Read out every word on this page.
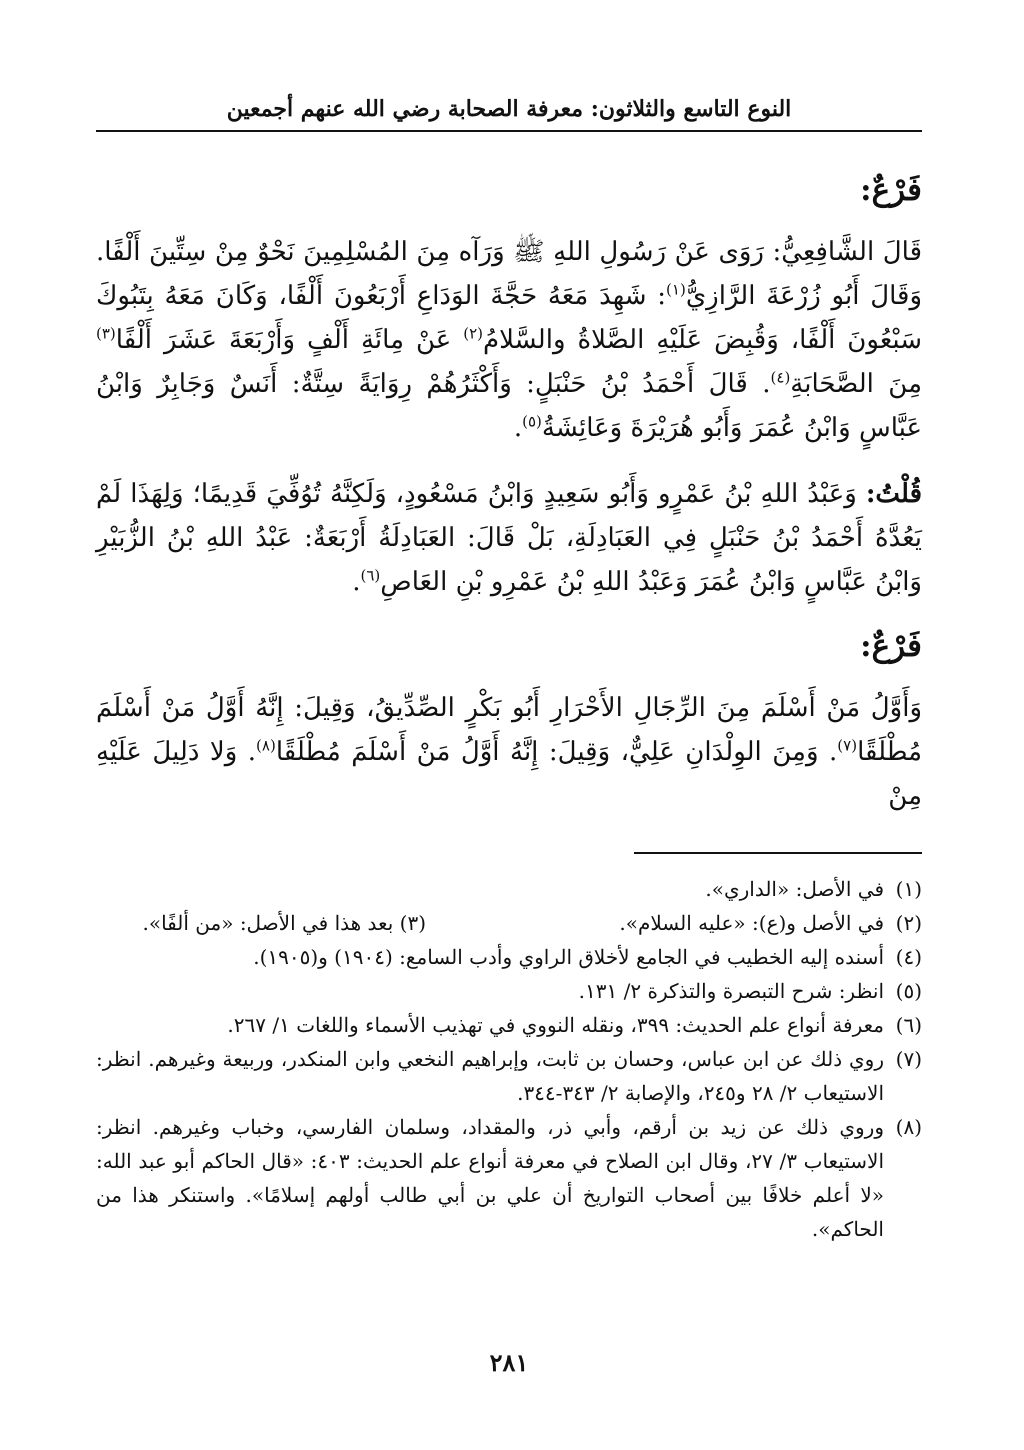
النوع التاسع والثلاثون: معرفة الصحابة رضي الله عنهم أجمعين
فَرْعٌ:

قَالَ الشَّافِعِيُّ: رَوَى عَنْ رَسُولِ اللهِ ﷺ وَرَآه مِنَ المُسْلِمِينَ نَحْوٌ مِنْ سِتِّينَ أَلْفًا. وَقَالَ أَبُو زُرْعَةَ الرَّازِيُّ$^{(١)}$: شَهِدَ مَعَهُ حَجَّةَ الوَدَاعِ أَرْبَعُونَ أَلْفًا، وَكَانَ مَعَهُ بِتَبُوكَ سَبْعُونَ أَلْفًا، وَقُبِضَ عَلَيْهِ الصَّلاةُ والسَّلامُ$^{(٢)}$ عَنْ مِائَةِ أَلْفٍ وَأَرْبَعَةَ عَشَرَ أَلْفًا$^{(٣)}$ مِنَ الصَّحَابَةِ$^{(٤)}$. قَالَ أَحْمَدُ بْنُ حَنْبَلٍ: وَأَكْثَرُهُمْ رِوَايَةً سِتَّةٌ: أَنَسٌ وَجَابِرٌ وَابْنُ عَبَّاسٍ وَابْنُ عُمَرَ وَأَبُو هُرَيْرَةَ وَعَائِشَةُ$^{(٥)}$.

قُلْتُ: وَعَبْدُ اللهِ بْنُ عَمْرٍو وَأَبُو سَعِيدٍ وَابْنُ مَسْعُودٍ، وَلَكِنَّهُ تُوُفِّيَ قَدِيمًا؛ وَلِهَذَا لَمْ يَعُدَّهُ أَحْمَدُ بْنُ حَنْبَلٍ فِي العَبَادِلَةِ، بَلْ قَالَ: العَبَادِلَةُ أَرْبَعَةٌ: عَبْدُ اللهِ بْنُ الزُّبَيْرِ وَابْنُ عَبَّاسٍ وَابْنُ عُمَرَ وَعَبْدُ اللهِ بْنُ عَمْرِو بْنِ العَاصِ$^{(٦)}$.

فَرْعٌ:

وَأَوَّلُ مَنْ أَسْلَمَ مِنَ الرِّجَالِ الأَحْرَارِ أَبُو بَكْرٍ الصِّدِّيقُ، وَقِيلَ: إِنَّهُ أَوَّلُ مَنْ أَسْلَمَ مُطْلَقًا$^{(٧)}$. وَمِنَ الوِلْدَانِ عَلِيٌّ، وَقِيلَ: إِنَّهُ أَوَّلُ مَنْ أَسْلَمَ مُطْلَقًا$^{(٨)}$. وَلا دَلِيلَ عَلَيْهِ مِنْ

(١)
في الأصل: «الداري».
(٢)
في الأصل و(ع): «عليه السلام».
(٣) بعد هذا في الأصل: «من ألفًا».
(٤)
أسنده إليه الخطيب في الجامع لأخلاق الراوي وأدب السامع: (١٩٠٤) و(١٩٠٥).
(٥)
انظر: شرح التبصرة والتذكرة ٢/ ١٣١.
(٦)
معرفة أنواع علم الحديث: ٣٩٩، ونقله النووي في تهذيب الأسماء واللغات ١/ ٢٦٧.
(٧)
روي ذلك عن ابن عباس، وحسان بن ثابت، وإبراهيم النخعي وابن المنكدر، وربيعة وغيرهم. انظر: الاستيعاب ٢/ ٢٨ و٢٤٥، والإصابة ٢/ ٣٤٣-٣٤٤.
(٨)
وروي ذلك عن زيد بن أرقم، وأبي ذر، والمقداد، وسلمان الفارسي، وخباب وغيرهم. انظر: الاستيعاب ٣/ ٢٧، وقال ابن الصلاح في معرفة أنواع علم الحديث: ٤٠٣: «قال الحاكم أبو عبد الله: «لا أعلم خلافًا بين أصحاب التواريخ أن علي بن أبي طالب أولهم إسلامًا». واستنكر هذا من الحاكم».
٢٨١
